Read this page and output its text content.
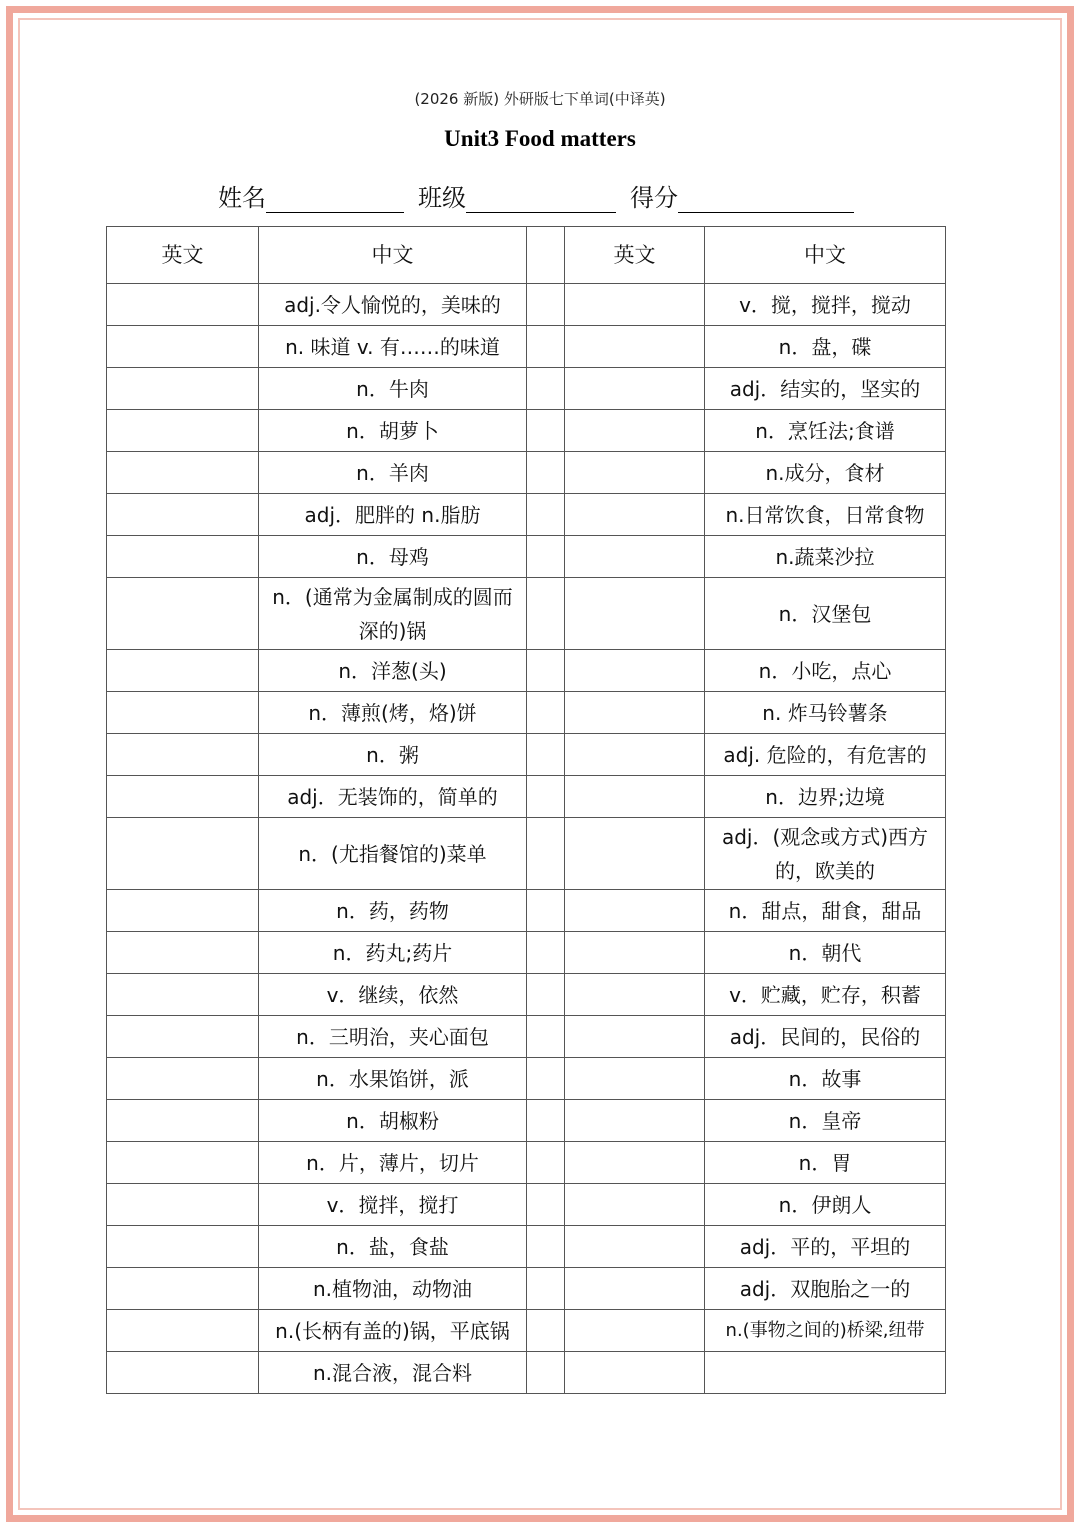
(2026 新版) 外研版七下单词(中译英)
Unit3 Food matters
姓名	班级	得分
英文	中文		英文	中文
	adj.令人愉悦的，美味的			v．搅，搅拌，搅动
	n. 味道 v. 有……的味道			n．盘，碟
	n．牛肉			adj．结实的，坚实的
	n．胡萝卜			n．烹饪法;食谱
	n．羊肉			n.成分，食材
	adj．肥胖的 n.脂肪			n.日常饮食，日常食物
	n．母鸡			n.蔬菜沙拉
	n．(通常为金属制成的圆而深的)锅			n．汉堡包
	n．洋葱(头)			n．小吃，点心
	n．薄煎(烤，烙)饼			n. 炸马铃薯条
	n．粥			adj. 危险的，有危害的
	adj．无装饰的，简单的			n．边界;边境
	n．(尤指餐馆的)菜单			adj．(观念或方式)西方的，欧美的
	n．药，药物			n．甜点，甜食，甜品
	n．药丸;药片			n．朝代
	v．继续，依然			v．贮藏，贮存，积蓄
	n．三明治，夹心面包			adj．民间的，民俗的
	n．水果馅饼，派			n．故事
	n．胡椒粉			n．皇帝
	n．片，薄片，切片			n．胃
	v．搅拌，搅打			n．伊朗人
	n．盐，食盐			adj．平的，平坦的
	n.植物油，动物油			adj．双胞胎之一的
	n.(长柄有盖的)锅，平底锅			n.(事物之间的)桥梁,纽带
	n.混合液，混合料			
